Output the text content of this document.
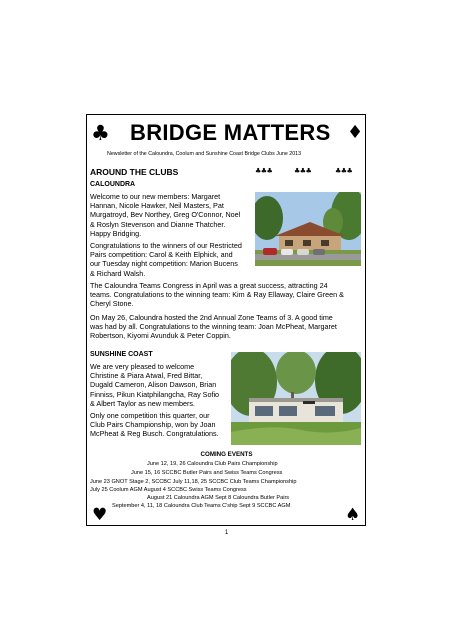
♣	♦
BRIDGE MATTERS
Newsletter of the Caloundra, Coolum and Sunshine Coast Bridge Clubs June 2013
AROUND THE CLUBS	♣♣♣	♣♣♣	♣♣♣
CALOUNDRA
Welcome to our new members: Margaret
Hannan, Nicole Hawker, Neil Masters, Pat
Murgatroyd, Bev Northey, Greg O'Connor, Noel
& Roslyn Stevenson and Dianne Thatcher.
Happy Bridging.
Congratulations to the winners of our Restricted
Pairs competition: Carol & Keith Elphick, and
our Tuesday night competition: Marion Bucens
& Richard Walsh.
The Caloundra Teams Congress in April was a great success, attracting 24
teams. Congratulations to the winning team: Kim & Ray Ellaway, Claire Green &
Cheryl Stone.
On May 26, Caloundra hosted the 2nd Annual Zone Teams of 3. A good time
was had by all. Congratulations to the winning team: Joan McPheat, Margaret
Robertson, Kiyomi Avunduk & Peter Coppin.
SUNSHINE COAST
We are very pleased to welcome
Christine & Piara Atwal, Fred Bittar,
Dugald Cameron, Alison Dawson, Brian
Finniss, Pikun Kiatphilangcha, Ray Sofio
& Albert Taylor as new members.
Only one competition this quarter, our
Club Pairs Championship, won by Joan
McPheat & Reg Busch. Congratulations.
COMING EVENTS
June 12, 19, 26 Caloundra Club Pairs Championship
June 15, 16 SCCBC Butler Pairs and Swiss Teams Congress
June 23 GNOT Stage 2, SCCBC July 11,18, 25 SCCBC Club Teams Championship
July 25 Coolum AGM August 4 SCCBC Swiss Teams Congress
August 21 Caloundra AGM Sept 8 Caloundra Butler Pairs
September 4, 11, 18 Caloundra Club Teams C'ship Sept 9 SCCBC AGM
♥	♠
1
